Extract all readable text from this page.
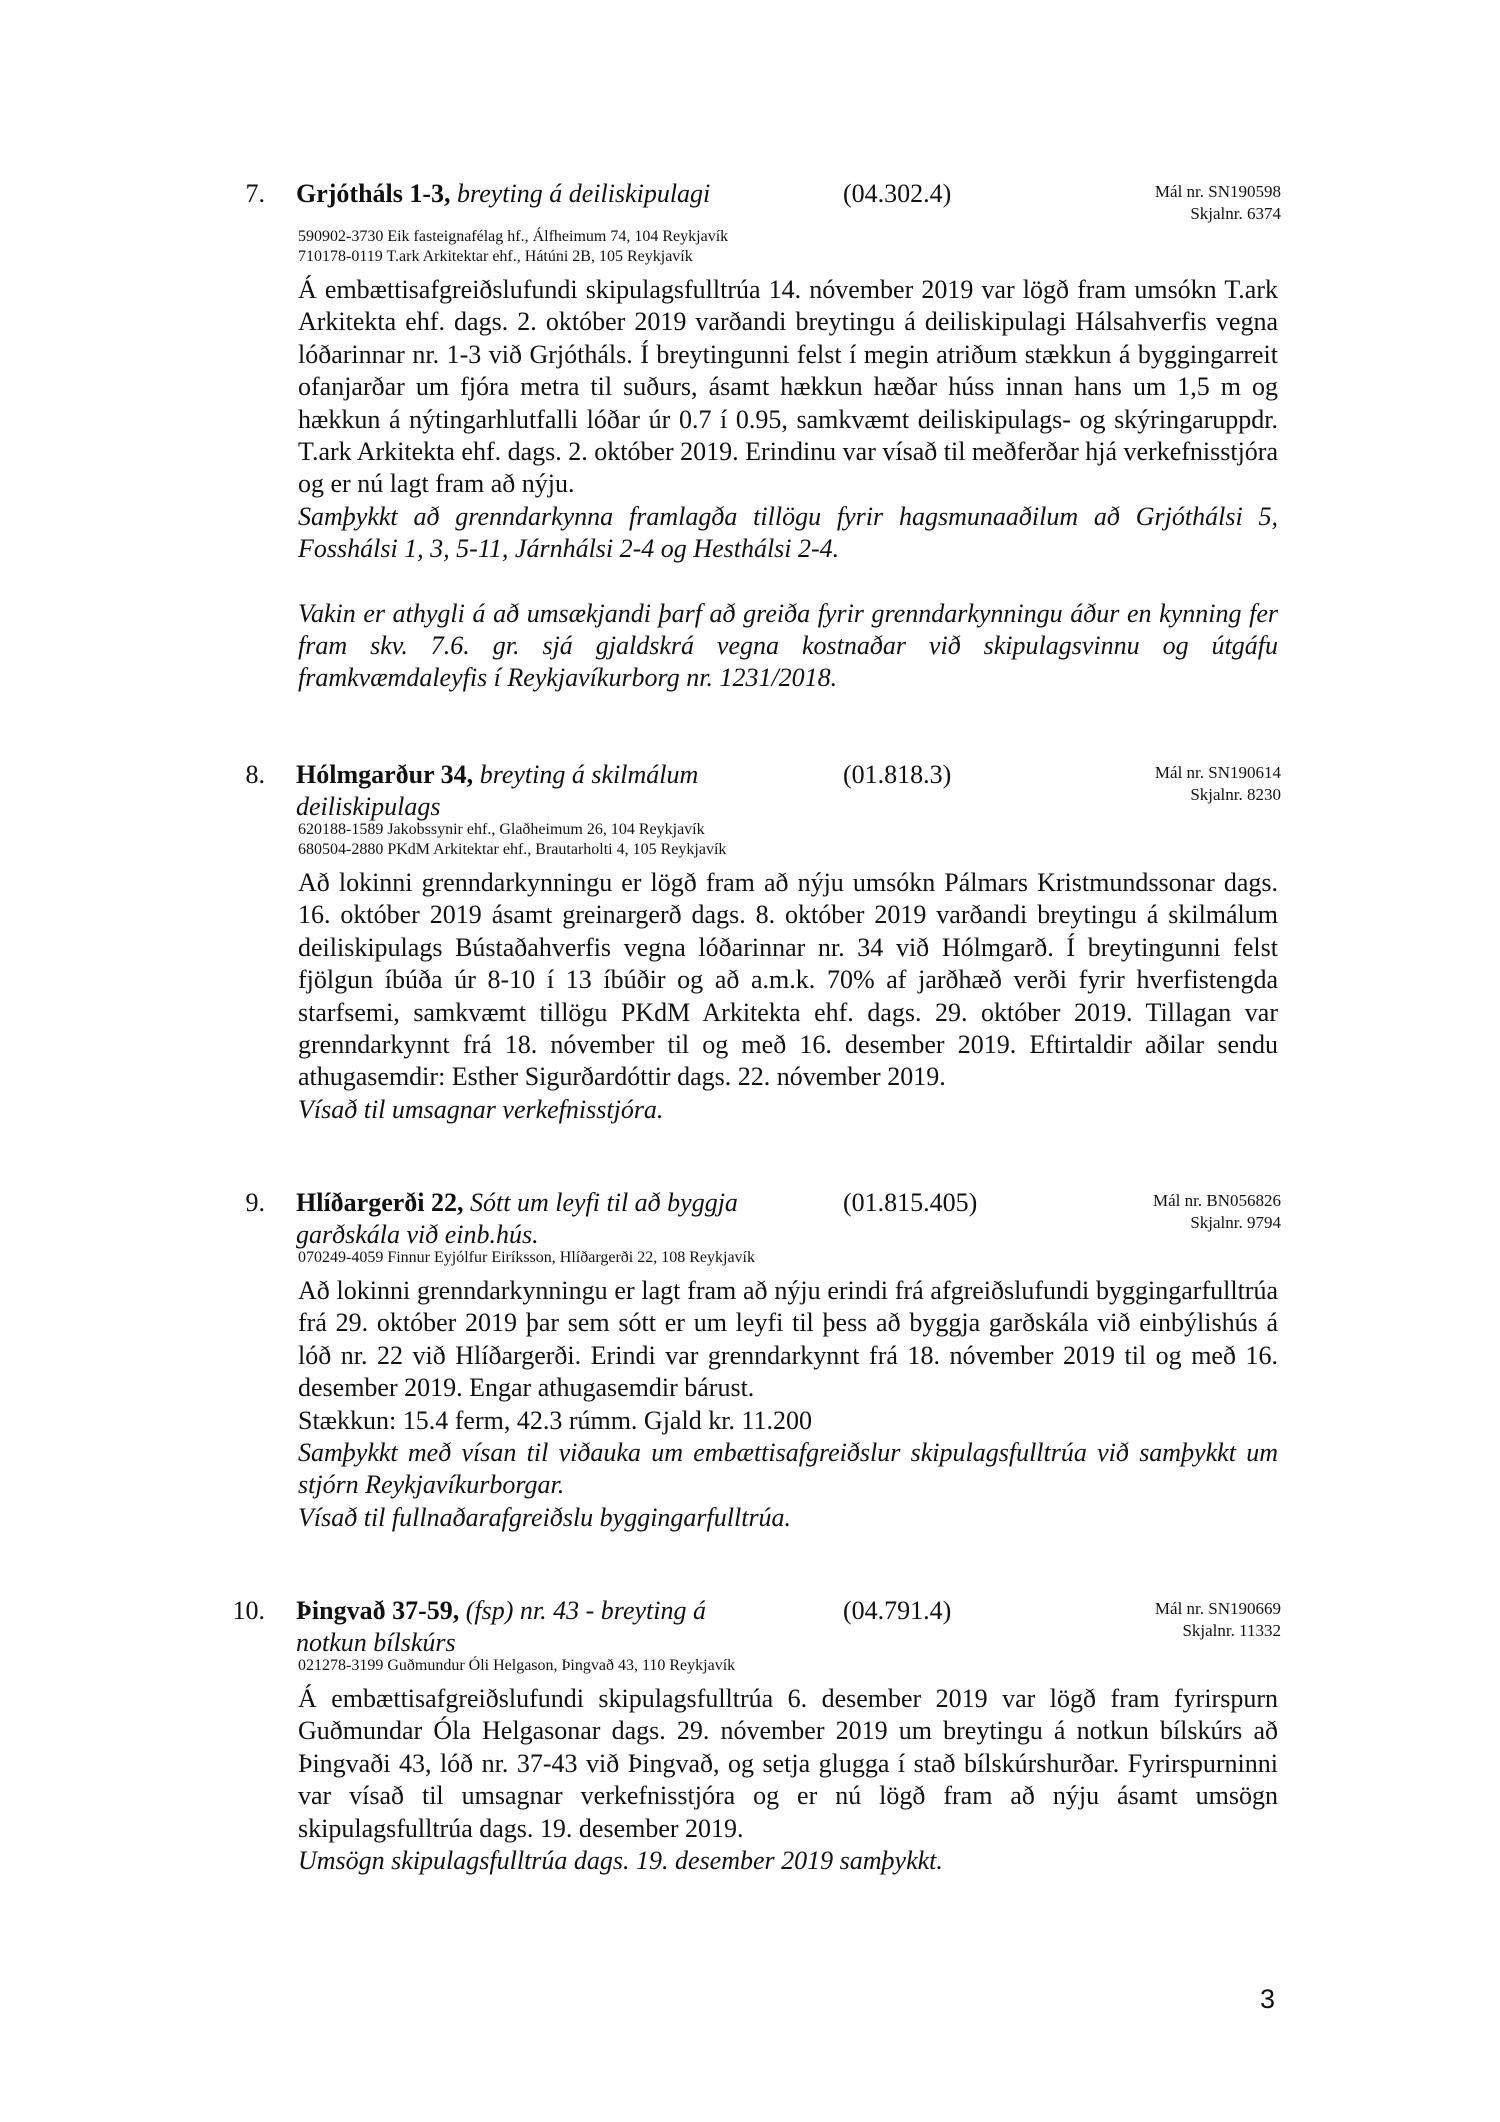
7. Grjótháls 1-3, breyting á deiliskipulagi	(04.302.4)	Mál nr. SN190598
Skjalnr. 6374
590902-3730 Eik fasteignafélag hf., Álfheimum 74, 104 Reykjavík
710178-0119 T.ark Arkitektar ehf., Hátúni 2B, 105 Reykjavík

Á embættisafgreiðslufundi skipulagsfulltrúa 14. nóvember 2019 var lögð fram umsókn T.ark Arkitekta ehf. dags. 2. október 2019 varðandi breytingu á deiliskipulagi Hálsahverfis vegna lóðarinnar nr. 1-3 við Grjótháls. Í breytingunni felst í megin atriðum stækkun á byggingarreit ofanjarðar um fjóra metra til suðurs, ásamt hækkun hæðar húss innan hans um 1,5 m og hækkun á nýtingarhlutfalli lóðar úr 0.7 í 0.95, samkvæmt deiliskipulags- og skýringaruppdr. T.ark Arkitekta ehf. dags. 2. október 2019. Erindinu var vísað til meðferðar hjá verkefnisstjóra og er nú lagt fram að nýju.

Samþykkt að grenndarkynna framlagða tillögu fyrir hagsmunaaðilum að Grjóthálsi 5, Fosshálsi 1, 3, 5-11, Járnhálsi 2-4 og Hesthálsi 2-4.

Vakin er athygli á að umsækjandi þarf að greiða fyrir grenndarkynningu áður en kynning fer fram skv. 7.6. gr. sjá gjaldskrá vegna kostnaðar við skipulagsvinnu og útgáfu framkvæmdaleyfis í Reykjavíkurborg nr. 1231/2018.

8. Hólmgarður 34, breyting á skilmálum deiliskipulags
(01.818.3)	Mál nr. SN190614
Skjalnr. 8230
620188-1589 Jakobssynir ehf., Glaðheimum 26, 104 Reykjavík
680504-2880 PKdM Arkitektar ehf., Brautarholti 4, 105 Reykjavík

Að lokinni grenndarkynningu er lögð fram að nýju umsókn Pálmars Kristmundssonar dags. 16. október 2019 ásamt greinargerð dags. 8. október 2019 varðandi breytingu á skilmálum deiliskipulags Bústaðahverfis vegna lóðarinnar nr. 34 við Hólmgarð. Í breytingunni felst fjölgun íbúða úr 8-10 í 13 íbúðir og að a.m.k. 70% af jarðhæð verði fyrir hverfistengda starfsemi, samkvæmt tillögu PKdM Arkitekta ehf. dags. 29. október 2019. Tillagan var grenndarkynnt frá 18. nóvember til og með 16. desember 2019. Eftirtaldir aðilar sendu athugasemdir: Esther Sigurðardóttir dags. 22. nóvember 2019.

Vísað til umsagnar verkefnisstjóra.

9. Hlíðargerði 22, Sótt um leyfi til að byggja garðskála við einb.hús.
(01.815.405)	Mál nr. BN056826
Skjalnr. 9794
070249-4059 Finnur Eyjólfur Eiríksson, Hlíðargerði 22, 108 Reykjavík

Að lokinni grenndarkynningu er lagt fram að nýju erindi frá afgreiðslufundi byggingarfulltrúa frá 29. október 2019 þar sem sótt er um leyfi til þess að byggja garðskála við einbýlishús á lóð nr. 22 við Hlíðargerði. Erindi var grenndarkynnt frá 18. nóvember 2019 til og með 16. desember 2019. Engar athugasemdir bárust.

Stækkun: 15.4 ferm, 42.3 rúmm. Gjald kr. 11.200

Samþykkt með vísan til viðauka um embættisafgreiðslur skipulagsfulltrúa við samþykkt um stjórn Reykjavíkurborgar.

Vísað til fullnaðarafgreiðslu byggingarfulltrúa.

10. Þingvað 37-59, (fsp) nr. 43 - breyting á notkun bílskúrs
(04.791.4)	Mál nr. SN190669
Skjalnr. 11332
021278-3199 Guðmundur Óli Helgason, Þingvað 43, 110 Reykjavík

Á embættisafgreiðslufundi skipulagsfulltrúa 6. desember 2019 var lögð fram fyrirspurn Guðmundar Óla Helgasonar dags. 29. nóvember 2019 um breytingu á notkun bílskúrs að Þingvaði 43, lóð nr. 37-43 við Þingvað, og setja glugga í stað bílskúrshurðar. Fyrirspurninni var vísað til umsagnar verkefnisstjóra og er nú lögð fram að nýju ásamt umsögn skipulagsfulltrúa dags. 19. desember 2019.

Umsögn skipulagsfulltrúa dags. 19. desember 2019 samþykkt.

3
